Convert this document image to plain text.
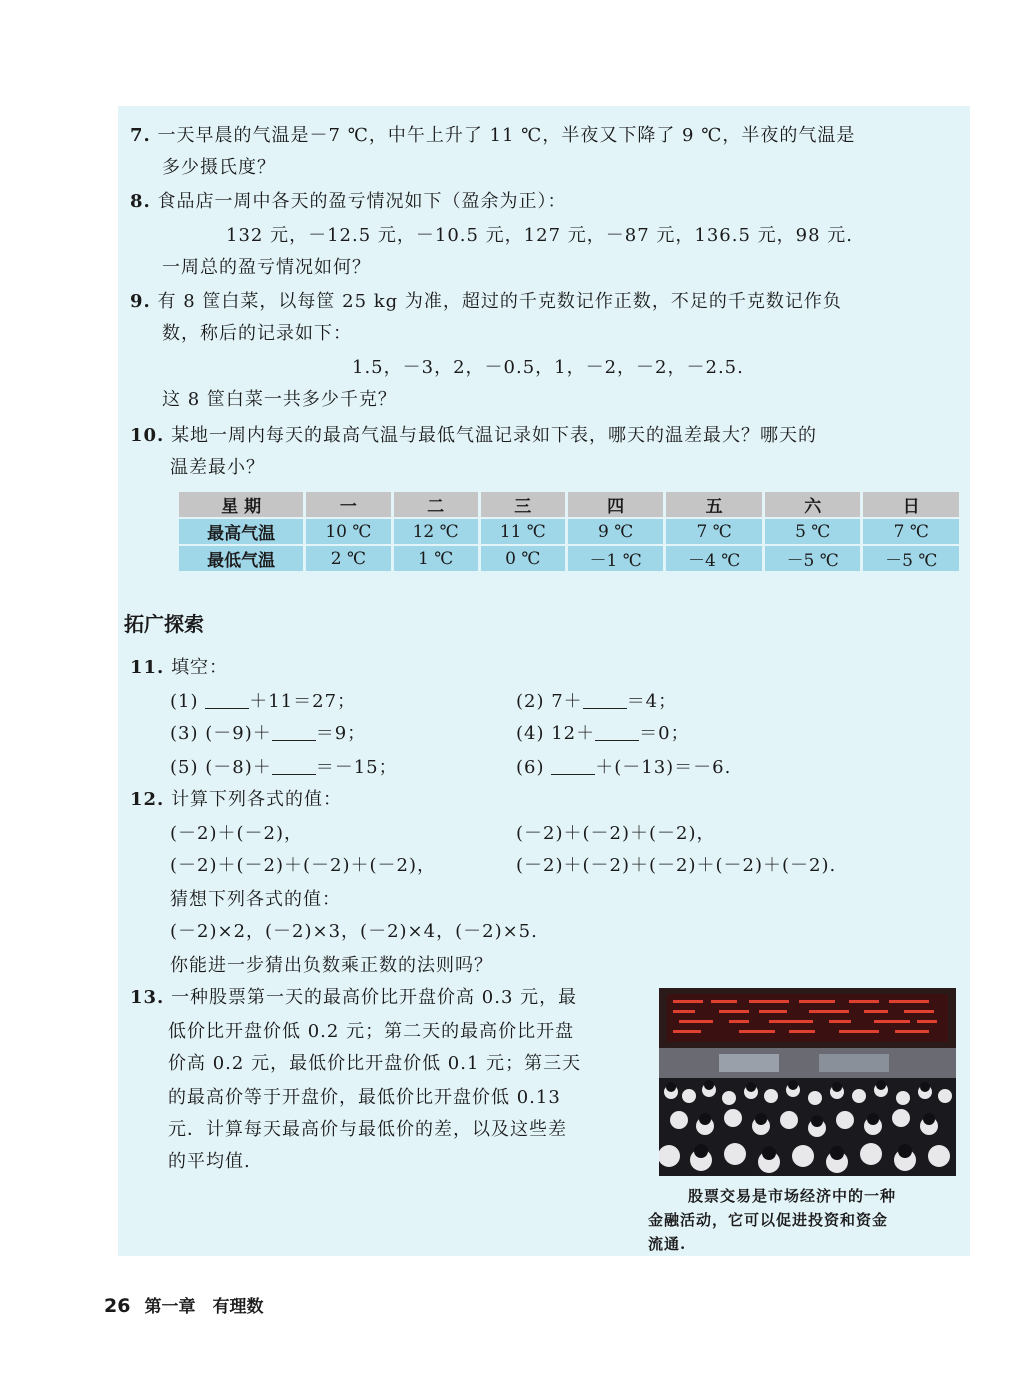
7. 一天早晨的气温是－7 ℃，中午上升了 11 ℃，半夜又下降了 9 ℃，半夜的气温是
多少摄氏度？
8. 食品店一周中各天的盈亏情况如下（盈余为正）：
132 元，－12.5 元，－10.5 元，127 元，－87 元，136.5 元，98 元.
一周总的盈亏情况如何？
9. 有 8 筐白菜，以每筐 25 kg 为准，超过的千克数记作正数，不足的千克数记作负
数，称后的记录如下：
1.5，－3，2，－0.5，1，－2，－2，－2.5.
这 8 筐白菜一共多少千克？
10. 某地一周内每天的最高气温与最低气温记录如下表，哪天的温差最大？哪天的
温差最小？
星 期	一	二	三	四	五	六	日
最高气温	10 ℃	12 ℃	11 ℃	9 ℃	7 ℃	5 ℃	7 ℃
最低气温	2 ℃	1 ℃	0 ℃	－1 ℃	－4 ℃	－5 ℃	－5 ℃
拓广探索
11. 填空：
(1)	＋11＝27；	(2) 7＋ ＝4；
(3) (－9)＋ ＝9；	(4) 12＋ ＝0；
(5) (－8)＋ ＝－15；	(6)	＋(－13)＝－6.
12. 计算下列各式的值：
(－2)＋(－2)，	(－2)＋(－2)＋(－2)，
(－2)＋(－2)＋(－2)＋(－2)，	(－2)＋(－2)＋(－2)＋(－2)＋(－2).
猜想下列各式的值：
(－2)×2，(－2)×3，(－2)×4，(－2)×5.
你能进一步猜出负数乘正数的法则吗？
13. 一种股票第一天的最高价比开盘价高 0.3 元，最
低价比开盘价低 0.2 元；第二天的最高价比开盘
价高 0.2 元，最低价比开盘价低 0.1 元；第三天
的最高价等于开盘价，最低价比开盘价低 0.13
元．计算每天最高价与最低价的差，以及这些差
的平均值.
股票交易是市场经济中的一种
金融活动，它可以促进投资和资金
流通.
26 第一章　有理数
